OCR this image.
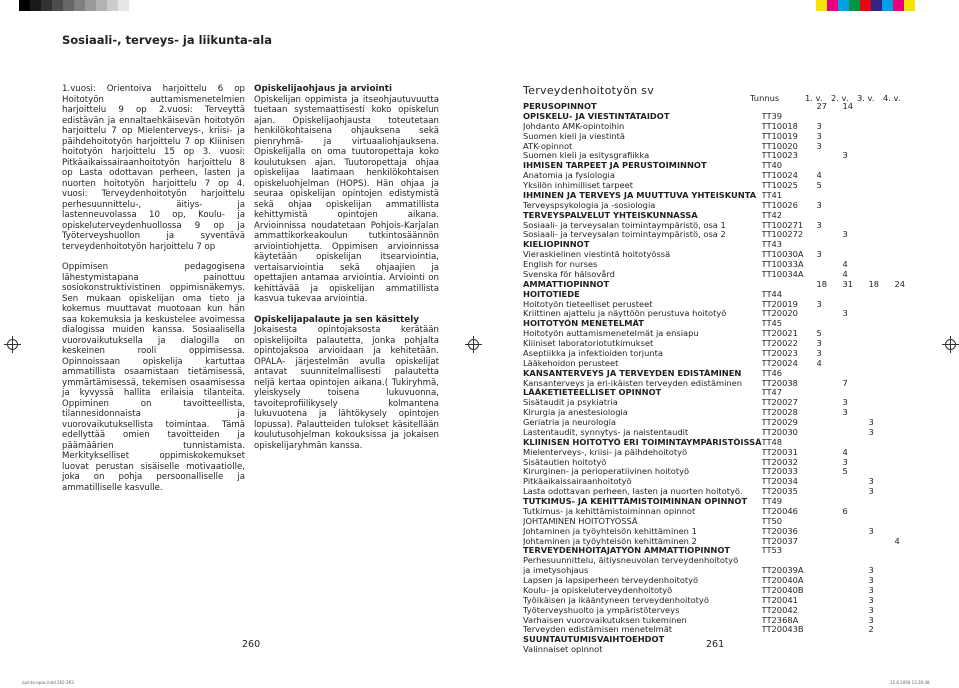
Sosiaali-, terveys- ja liikunta-ala

1.vuosi: Orientoiva harjoittelu 6 op Hoitotyön auttamismenetelmien harjoittelu 9 op 2.vuosi: Terveyttä edistävän ja ennaltaehkäisevän hoitotyön harjoittelu 7 op Mielenterveys-, kriisi- ja päihdehoitotyön harjoittelu 7 op Kliinisen hoitotyön harjoittelu 15 op 3. vuosi: Pitkäaikaissairaanhoitotyön harjoittelu 8 op Lasta odottavan perheen, lasten ja nuorten hoitotyön harjoittelu 7 op 4. vuosi: Terveydenhoitotyön harjoittelu perhesuunnittelu-, äitiys- ja lastenneuvolassa 10 op, Koulu- ja opiskeluterveydenhuollossa 9 op ja Työterveyshuollon ja syventävä terveydenhoitotyön harjoittelu 7 op

Oppimisen pedagogisena lähestymistapana painottuu sosiokonstruktivistinen oppimisnäkemys. Sen mukaan opiskelijan oma tieto ja kokemus muuttavat muotoaan kun hän saa kokemuksia ja keskustelee avoimessa dialogissa muiden kanssa. Sosiaalisella vuorovaikutuksella ja dialogilla on keskeinen rooli oppimisessa. Opinnoissaan opiskelija kartuttaa ammatillista osaamistaan tietämisessä, ymmärtämisessä, tekemisen osaamisessa ja kyvyssä hallita erilaisia tilanteita. Oppiminen on tavoitteellista, tilannesidonnaista ja vuorovaikutuksellista toimintaa. Tämä edellyttää omien tavoitteiden ja päämäärien tunnistamista. Merkitykselliset oppimiskokemukset luovat perustan sisäiselle motivaatiolle, joka on pohja persoonalliselle ja ammatilliselle kasvulle.

Opiskelijaohjaus ja arviointi

Opiskelijan oppimista ja itseohjautuvuutta tuetaan systemaattisesti koko opiskelun ajan. Opiskelijaohjausta toteutetaan henkilökohtaisena ohjauksena sekä pienryhmä- ja virtuaaliohjauksena. Opiskelijalla on oma tuutoropettaja koko koulutuksen ajan. Tuutoropettaja ohjaa opiskelijaa laatimaan henkilökohtaisen opiskeluohjelman (HOPS). Hän ohjaa ja seuraa opiskelijan opintojen edistymistä sekä ohjaa opiskelijan ammatillista kehittymistä opintojen aikana. Arvioinnissa noudatetaan Pohjois-Karjalan ammattikorkeakoulun tutkintosäännön arviointiohjetta. Oppimisen arvioinnissa käytetään opiskelijan itsearviointia, vertaisarviointia sekä ohjaajien ja opettajien antamaa arviointia. Arviointi on kehittävää ja opiskelijan ammatillista kasvua tukevaa arviointia.

Opiskelijapalaute ja sen käsittely

Jokaisesta opintojaksosta kerätään opiskelijoilta palautetta, jonka pohjalta opintojaksoa arvioidaan ja kehitetään. OPALA- järjestelmän avulla opiskelijat antavat suunnitelmallisesti palautetta neljä kertaa opintojen aikana.( Tukiryhmä, yleiskysely toisena lukuvuonna, tavoiteprofiilikysely kolmantena lukuvuotena ja lähtökysely opintojen lopussa). Palautteiden tulokset käsitellään koulutusohjelman kokouksissa ja jokaisen opiskelijaryhmän kanssa.

Terveydenhoitotyön sv
Tunnus	1. v. 2. v. 3. v. 4. v.
PERUSOPINNOT		27	14		
OPISKELU- JA VIESTINTÄTAIDOT	TT39				
Johdanto AMK-opintoihin	TT10018	3			
Suomen kieli ja viestintä	TT10019	3			
ATK-opinnot	TT10020	3			
Suomen kieli ja esitysgrafiikka	TT10023		3		
IHMISEN TARPEET JA PERUSTOIMINNOT	TT40				
Anatomia ja fysiologia	TT10024	4			
Yksilön inhimilliset tarpeet	TT10025	5			
IHMINEN JA TERVEYS JA MUUTTUVA YHTEISKUNTA	TT41				
Terveyspsykologia ja -sosiologia	TT10026	3			
TERVEYSPALVELUT YHTEISKUNNASSA	TT42				
Sosiaali- ja terveysalan toimintaympäristö, osa 1	TT100271	3			
Sosiaali- ja terveysalan toimintaympäristö, osa 2	TT100272		3		
KIELIOPINNOT	TT43				
Vieraskielinen viestintä hoitotyössä	TT10030A	3			
English for nurses	TT10033A		4		
Svenska för hälsovård	TT10034A		4		
AMMATTIOPINNOT		18	31	18	24
HOITOTIEDE	TT44				
Hoitotyön tieteelliset perusteet	TT20019	3			
Kriittinen ajattelu ja näyttöön perustuva hoitotyö	TT20020		3		
HOITOTYÖN MENETELMÄT	TT45				
Hoitotyön auttamismenetelmät ja ensiapu	TT20021	5			
Kliiniset laboratoriotutkimukset	TT20022	3			
Aseptiikka ja infektioiden torjunta	TT20023	3			
Lääkehoidon perusteet	TT20024	4			
KANSANTERVEYS JA TERVEYDEN EDISTÄMINEN	TT46				
Kansanterveys ja eri-ikäisten terveyden edistäminen	TT20038		7		
LÄÄKETIETEELLISET OPINNOT	TT47				
Sisätaudit ja psykiatria	TT20027		3		
Kirurgia ja anestesiologia	TT20028		3		
Geriatria ja neurologia	TT20029			3	
Lastentaudit, synnytys- ja naistentaudit	TT20030			3	
KLIINISEN HOITOTYÖ ERI TOIMINTAYMPÄRISTÖISSÄ	TT48				
Mielenterveys-, kriisi- ja päihdehoitotyö	TT20031		4		
Sisätautien hoitotyö	TT20032		3		
Kirurginen- ja perioperatiivinen hoitotyö	TT20033		5		
Pitkäaikaissairaanhoitotyö	TT20034			3	
Lasta odottavan perheen, lasten ja nuorten hoitotyö.	TT20035			3	
TUTKIMUS- JA KEHITTÄMISTOIMINNAN OPINNOT	TT49				
Tutkimus- ja kehittämistoiminnan opinnot	TT20046		6		
JOHTAMINEN HOITOTYÖSSÄ	TT50				
Johtaminen ja työyhteisön kehittäminen 1	TT20036			3	
Johtaminen ja työyhteisön kehittäminen 2	TT20037				4
TERVEYDENHOITAJATYÖN AMMATTIOPINNOT	TT53				
Perhesuunnittelu, äitiysneuvolan terveydenhoitotyö					
ja imetysohjaus	TT20039A			3	
Lapsen ja lapsiperheen terveydenhoitotyö	TT20040A			3	
Koulu- ja opiskeluterveydenhoitotyö	TT20040B			3	
Työikäisen ja ikääntyneen terveydenhoitotyö	TT20041			3	
Työterveyshuolto ja ympäristöterveys	TT20042			3	
Varhaisen vuorovaikutuksen tukeminen	TT2368A			3	
Terveyden edistämisen menetelmät	TT20043B			2	
SUUNTAUTUMISVAIHTOEHDOT					
Valinnaiset opinnot					
260	261
opinto-opas.indd 262-263	12.8.2008 13:26:48
